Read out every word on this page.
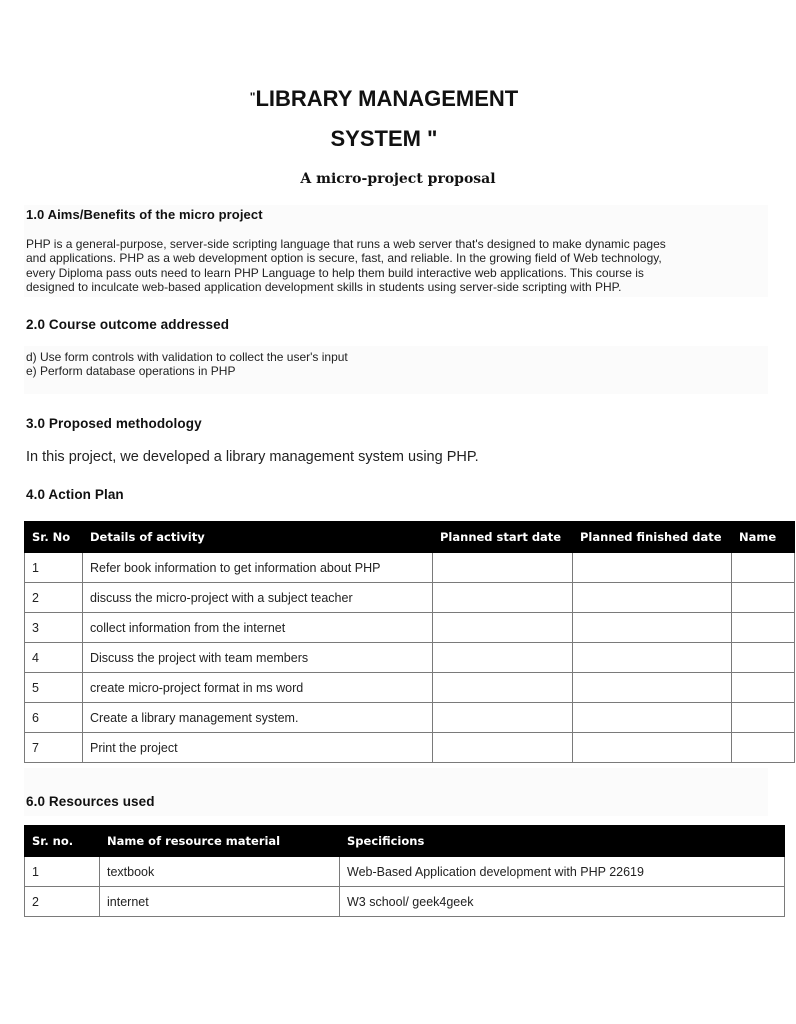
"LIBRARY MANAGEMENT
SYSTEM "
A micro-project proposal
1.0 Aims/Benefits of the micro project
PHP is a general-purpose, server-side scripting language that runs a web server that's designed to make dynamic pages
and applications. PHP as a web development option is secure, fast, and reliable. In the growing field of Web technology,
every Diploma pass outs need to learn PHP Language to help them build interactive web applications. This course is
designed to inculcate web-based application development skills in students using server-side scripting with PHP.
2.0 Course outcome addressed
d) Use form controls with validation to collect the user's input
e) Perform database operations in PHP
3.0 Proposed methodology
In this project, we developed a library management system using PHP.
4.0 Action Plan
Sr. No	Details of activity	Planned start date	Planned finished date	Name
1	Refer book information to get information about PHP			
2	discuss the micro-project with a subject teacher			
3	collect information from the internet			
4	Discuss the project with team members			
5	create micro-project format in ms word			
6	Create a library management system.			
7	Print the project			
6.0 Resources used
Sr. no.	Name of resource material	Specificions
1	textbook	Web-Based Application development with PHP 22619
2	internet	W3 school/ geek4geek
